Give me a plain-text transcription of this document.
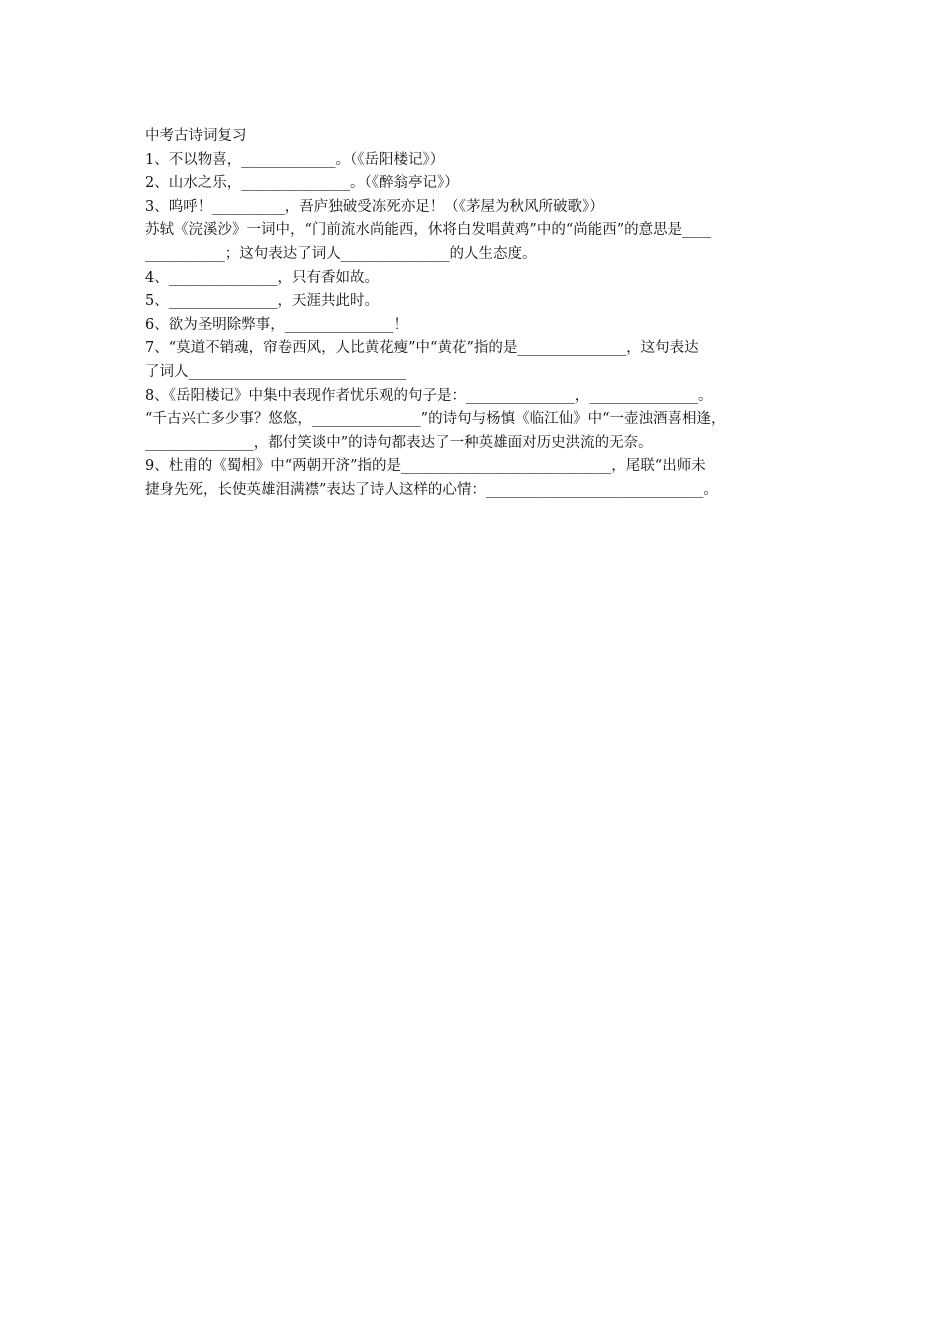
中考古诗词复习
1、不以物喜，_____________。（《岳阳楼记》）
2、山水之乐，_______________。（《醉翁亭记》）
3、呜呼！__________，吾庐独破受冻死亦足！（《茅屋为秋风所破歌》）
苏轼《浣溪沙》一词中，“门前流水尚能西，休将白发唱黄鸡”中的“尚能西”的意思是____
___________；这句表达了词人_______________的人生态度。
4、_______________，只有香如故。
5、_______________，天涯共此时。
6、欲为圣明除弊事，_______________！
7、“莫道不销魂，帘卷西风，人比黄花瘦”中“黄花”指的是_______________，这句表达
了词人______________________________
8、《岳阳楼记》中集中表现作者忧乐观的句子是：_______________，_______________。
“千古兴亡多少事？悠悠，_______________”的诗句与杨慎《临江仙》中“一壶浊酒喜相逢，
_______________，都付笑谈中”的诗句都表达了一种英雄面对历史洪流的无奈。
9、杜甫的《蜀相》中“两朝开济”指的是_____________________________，尾联“出师未
捷身先死，长使英雄泪满襟”表达了诗人这样的心情：______________________________。
